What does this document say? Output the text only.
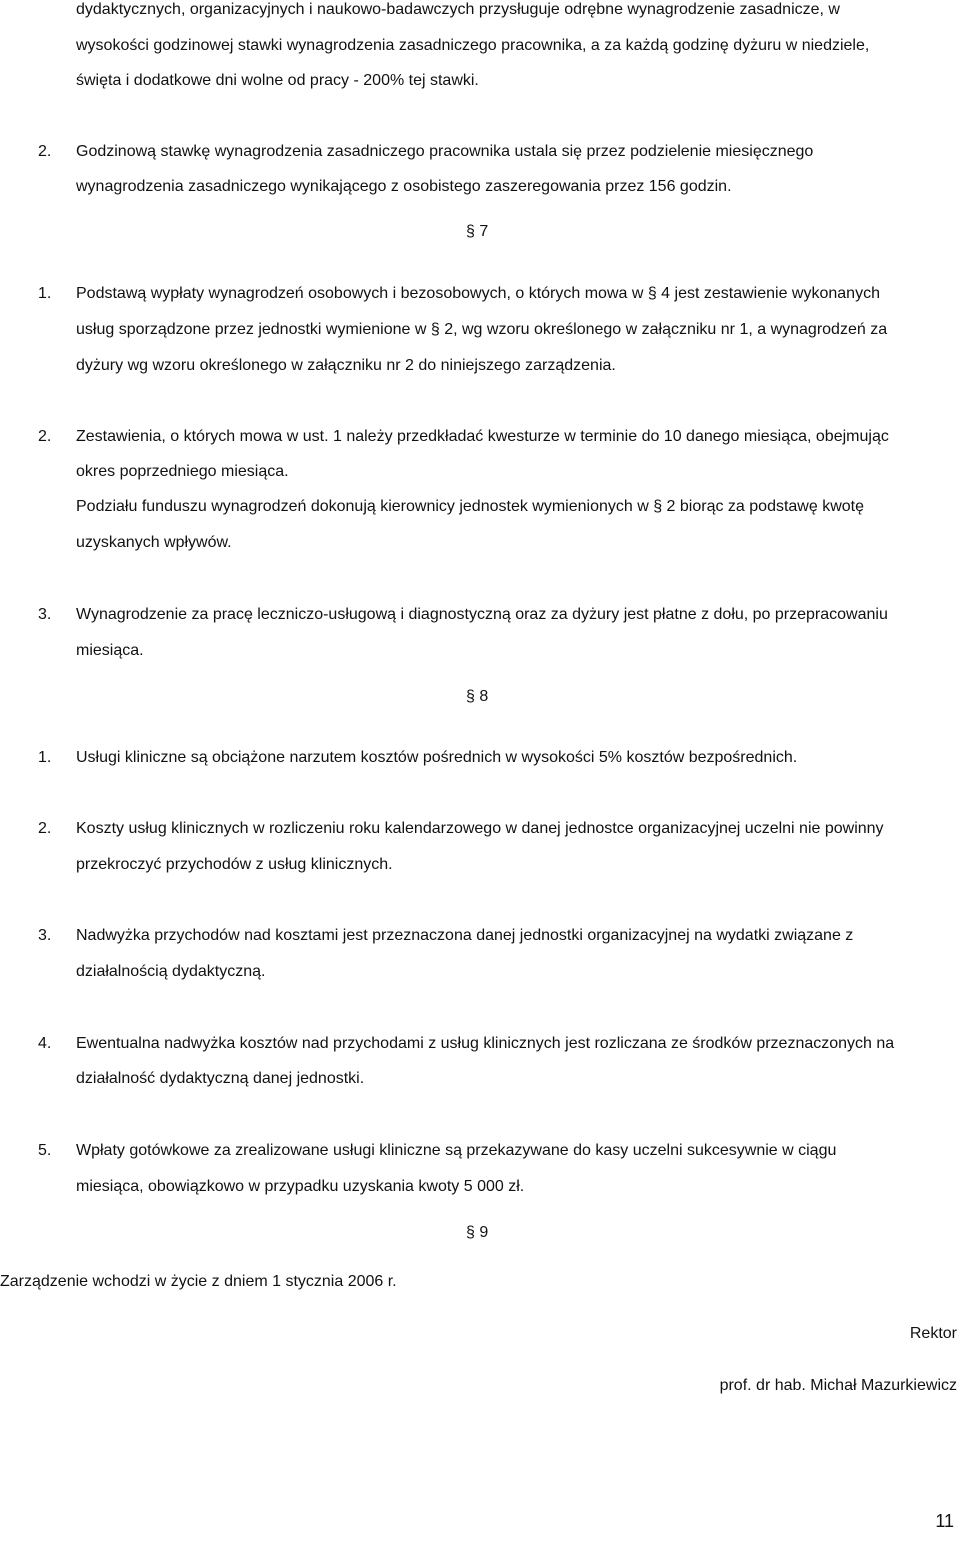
dydaktycznych, organizacyjnych i naukowo-badawczych przysługuje odrębne wynagrodzenie zasadnicze, w
wysokości godzinowej stawki wynagrodzenia zasadniczego pracownika, a za każdą godzinę dyżuru w niedziele,
święta i dodatkowe dni wolne od pracy - 200% tej stawki.
2. Godzinową stawkę wynagrodzenia zasadniczego pracownika ustala się przez podzielenie miesięcznego
wynagrodzenia zasadniczego wynikającego z osobistego zaszeregowania przez 156 godzin.
§ 7
1. Podstawą wypłaty wynagrodzeń osobowych i bezosobowych, o których mowa w § 4 jest zestawienie wykonanych
usług sporządzone przez jednostki wymienione w § 2, wg wzoru określonego w załączniku nr 1, a wynagrodzeń za
dyżury wg wzoru określonego w załączniku nr 2 do niniejszego zarządzenia.
2. Zestawienia, o których mowa w ust. 1 należy przedkładać kwesturze w terminie do 10 danego miesiąca, obejmując
okres poprzedniego miesiąca.
Podziału funduszu wynagrodzeń dokonują kierownicy jednostek wymienionych w § 2 biorąc za podstawę kwotę
uzyskanych wpływów.
3. Wynagrodzenie za pracę leczniczo-usługową i diagnostyczną oraz za dyżury jest płatne z dołu, po przepracowaniu
miesiąca.
§ 8
1. Usługi kliniczne są obciążone narzutem kosztów pośrednich w wysokości 5% kosztów bezpośrednich.
2. Koszty usług klinicznych w rozliczeniu roku kalendarzowego w danej jednostce organizacyjnej uczelni nie powinny
przekroczyć przychodów z usług klinicznych.
3. Nadwyżka przychodów nad kosztami jest przeznaczona danej jednostki organizacyjnej na wydatki związane z
działalnością dydaktyczną.
4. Ewentualna nadwyżka kosztów nad przychodami z usług klinicznych jest rozliczana ze środków przeznaczonych na
działalność dydaktyczną danej jednostki.
5. Wpłaty gotówkowe za zrealizowane usługi kliniczne są przekazywane do kasy uczelni sukcesywnie w ciągu
miesiąca, obowiązkowo w przypadku uzyskania kwoty 5 000 zł.
§ 9
Zarządzenie wchodzi w życie z dniem 1 stycznia 2006 r.
Rektor
prof. dr hab. Michał Mazurkiewicz
11
